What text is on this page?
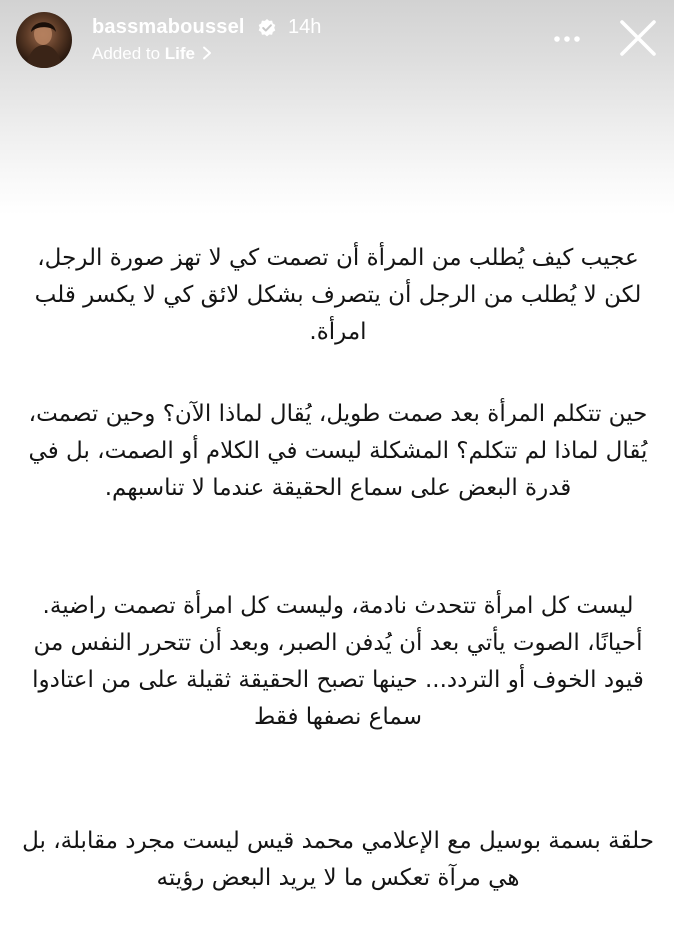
bassmaboussel 14h
Added to Life
عجيب كيف يُطلب من المرأة أن تصمت كي لا تهز صورة الرجل، لكن لا يُطلب من الرجل أن يتصرف بشكل لائق كي لا يكسر قلب امرأة.
حين تتكلم المرأة بعد صمت طويل، يُقال لماذا الآن؟ وحين تصمت، يُقال لماذا لم تتكلم؟ المشكلة ليست في الكلام أو الصمت، بل في قدرة البعض على سماع الحقيقة عندما لا تناسبهم.
ليست كل امرأة تتحدث نادمة، وليست كل امرأة تصمت راضية. أحيانًا، الصوت يأتي بعد أن يُدفن الصبر، وبعد أن تتحرر النفس من قيود الخوف أو التردد... حينها تصبح الحقيقة ثقيلة على من اعتادوا سماع نصفها فقط
حلقة بسمة بوسيل مع الإعلامي محمد قيس ليست مجرد مقابلة، بل هي مرآة تعكس ما لا يريد البعض رؤيته
